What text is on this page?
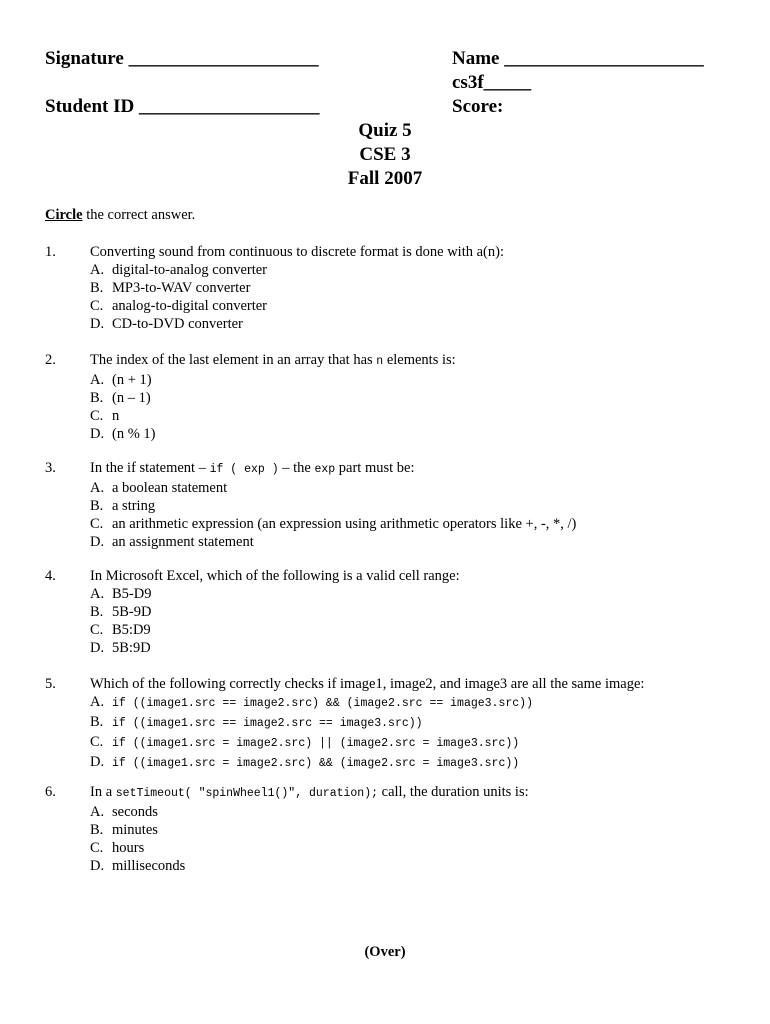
Signature ____________________
Student ID ___________________
Name _____________________
cs3f_____
Score:
Quiz 5
CSE 3
Fall 2007
Circle the correct answer.
1. Converting sound from continuous to discrete format is done with a(n):
A. digital-to-analog converter
B. MP3-to-WAV converter
C. analog-to-digital converter
D. CD-to-DVD converter
2. The index of the last element in an array that has n elements is:
A. (n + 1)
B. (n – 1)
C. n
D. (n % 1)
3. In the if statement – if ( exp ) – the exp part must be:
A. a boolean statement
B. a string
C. an arithmetic expression (an expression using arithmetic operators like +, -, *, /)
D. an assignment statement
4. In Microsoft Excel, which of the following is a valid cell range:
A. B5-D9
B. 5B-9D
C. B5:D9
D. 5B:9D
5. Which of the following correctly checks if image1, image2, and image3 are all the same image:
A. if ((image1.src == image2.src) && (image2.src == image3.src))
B. if ((image1.src == image2.src == image3.src))
C. if ((image1.src = image2.src) || (image2.src = image3.src))
D. if ((image1.src = image2.src) && (image2.src = image3.src))
6. In a setTimeout( "spinWheel1()", duration); call, the duration units is:
A. seconds
B. minutes
C. hours
D. milliseconds
(Over)
